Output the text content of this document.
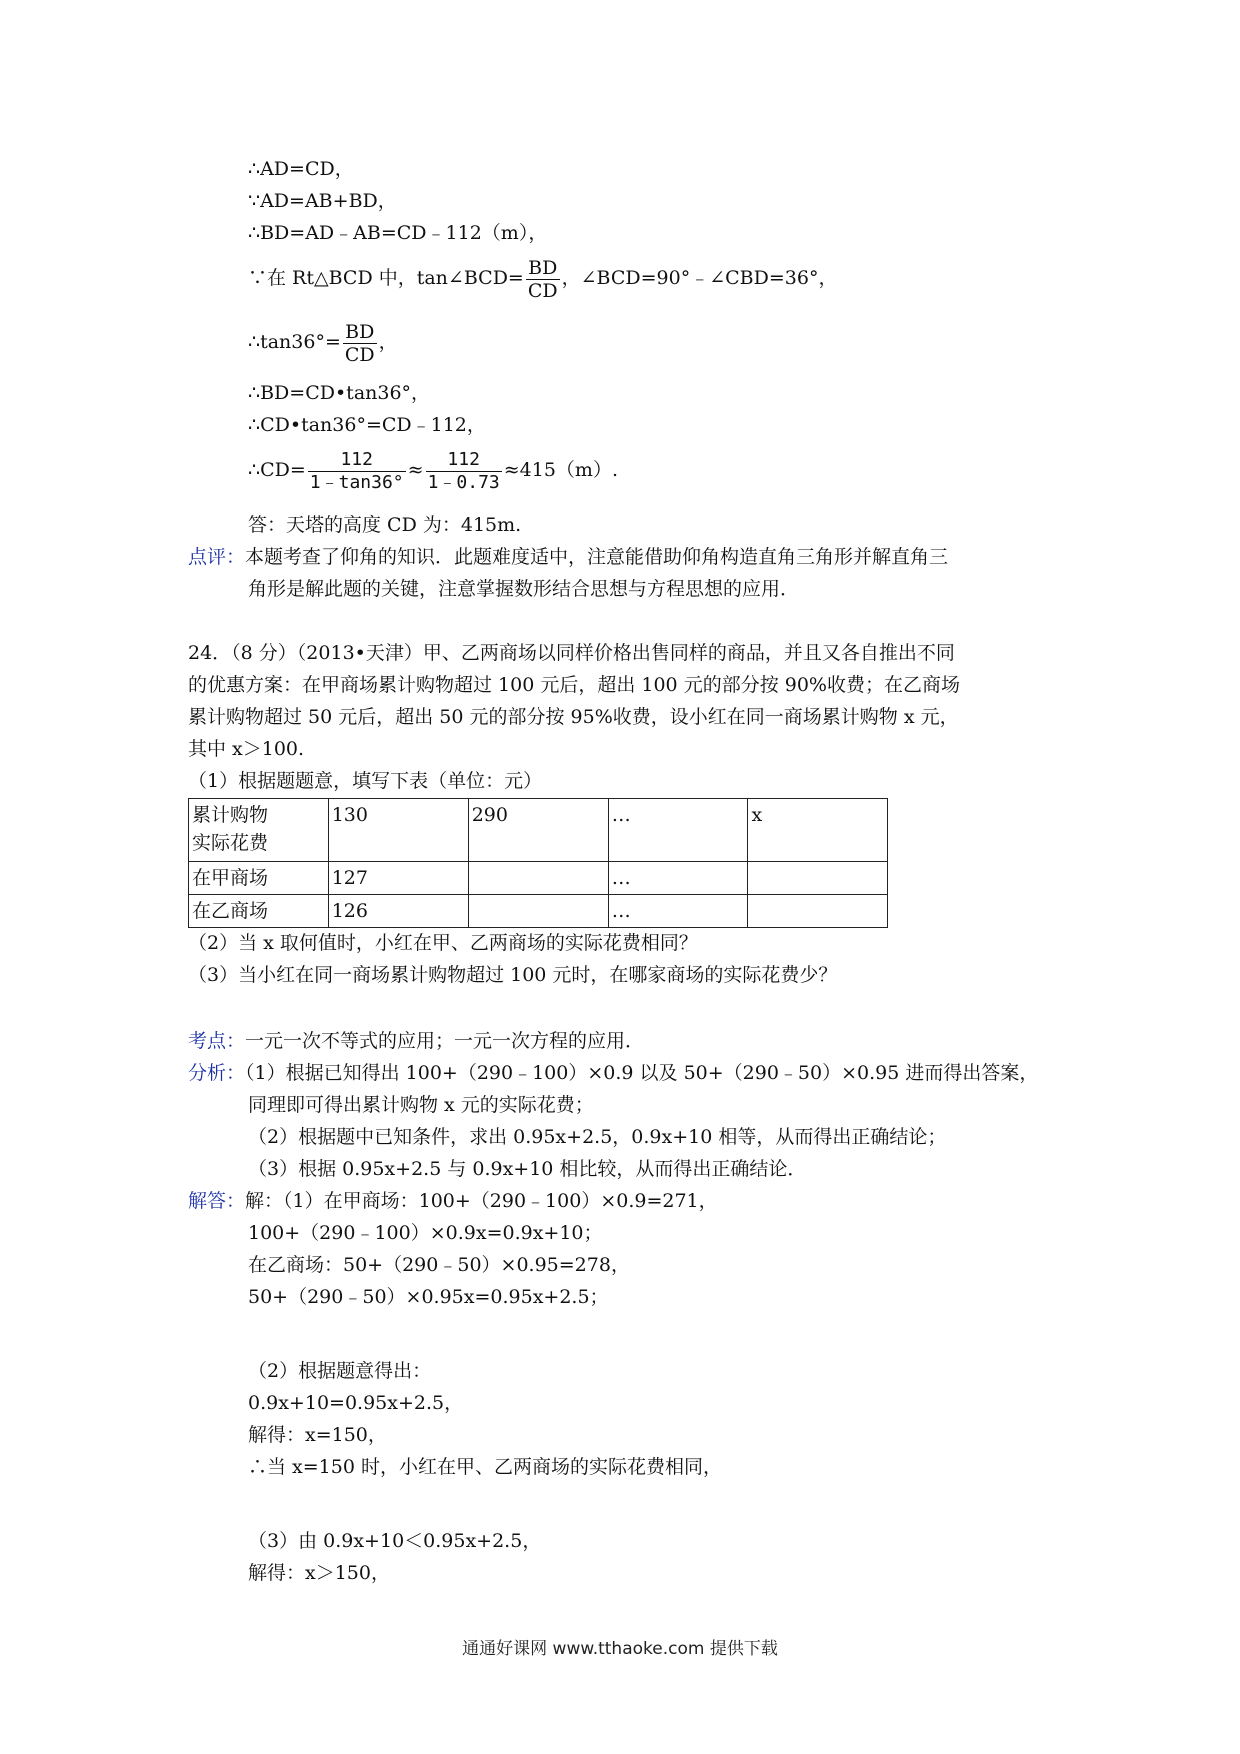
∴AD=CD，
∵AD=AB+BD，
∴BD=AD﹣AB=CD﹣112（m），
∵在 Rt△BCD 中，tan∠BCD= $\frac{BD}{CD}$ ，∠BCD=90°﹣∠CBD=36°，
∴tan36°= $\frac{BD}{CD}$ ，
∴BD=CD•tan36°，
∴CD•tan36°=CD﹣112，
∴CD= $\frac{112}{1﹣\tan 36^\circ} \approx \frac{112}{1﹣0.73} \approx 415(m)$.
答：天塔的高度 CD 为：415m.
点评：本题考查了仰角的知识．此题难度适中，注意能借助仰角构造直角三角形并解直角三
角形是解此题的关键，注意掌握数形结合思想与方程思想的应用．
24．（8 分）（2013•天津）甲、乙两商场以同样价格出售同样的商品，并且又各自推出不同
的优惠方案：在甲商场累计购物超过 100 元后，超出 100 元的部分按 90%收费；在乙商场
累计购物超过 50 元后，超出 50 元的部分按 95%收费，设小红在同一商场累计购物 x 元，
其中 x＞100.
（1）根据题题意，填写下表（单位：元）
累计购物
实际花费	130	290	…	x
在甲商场	127		…	
在乙商场	126		…	
（2）当 x 取何值时，小红在甲、乙两商场的实际花费相同？
（3）当小红在同一商场累计购物超过 100 元时，在哪家商场的实际花费少？
考点：一元一次不等式的应用；一元一次方程的应用．
分析：（1）根据已知得出 100+（290﹣100）×0.9 以及 50+（290﹣50）×0.95 进而得出答案，
同理即可得出累计购物 x 元的实际花费；
（2）根据题中已知条件，求出 0.95x+2.5，0.9x+10 相等，从而得出正确结论；
（3）根据 0.95x+2.5 与 0.9x+10 相比较，从而得出正确结论．
解答：解：（1）在甲商场：100+（290﹣100）×0.9=271，
100+（290﹣100）×0.9x=0.9x+10；
在乙商场：50+（290﹣50）×0.95=278，
50+（290﹣50）×0.95x=0.95x+2.5；
（2）根据题意得出：
0.9x+10=0.95x+2.5，
解得：x=150，
∴当 x=150 时，小红在甲、乙两商场的实际花费相同，
（3）由 0.9x+10＜0.95x+2.5，
解得：x＞150，
通通好课网 www.tthaoke.com 提供下载
